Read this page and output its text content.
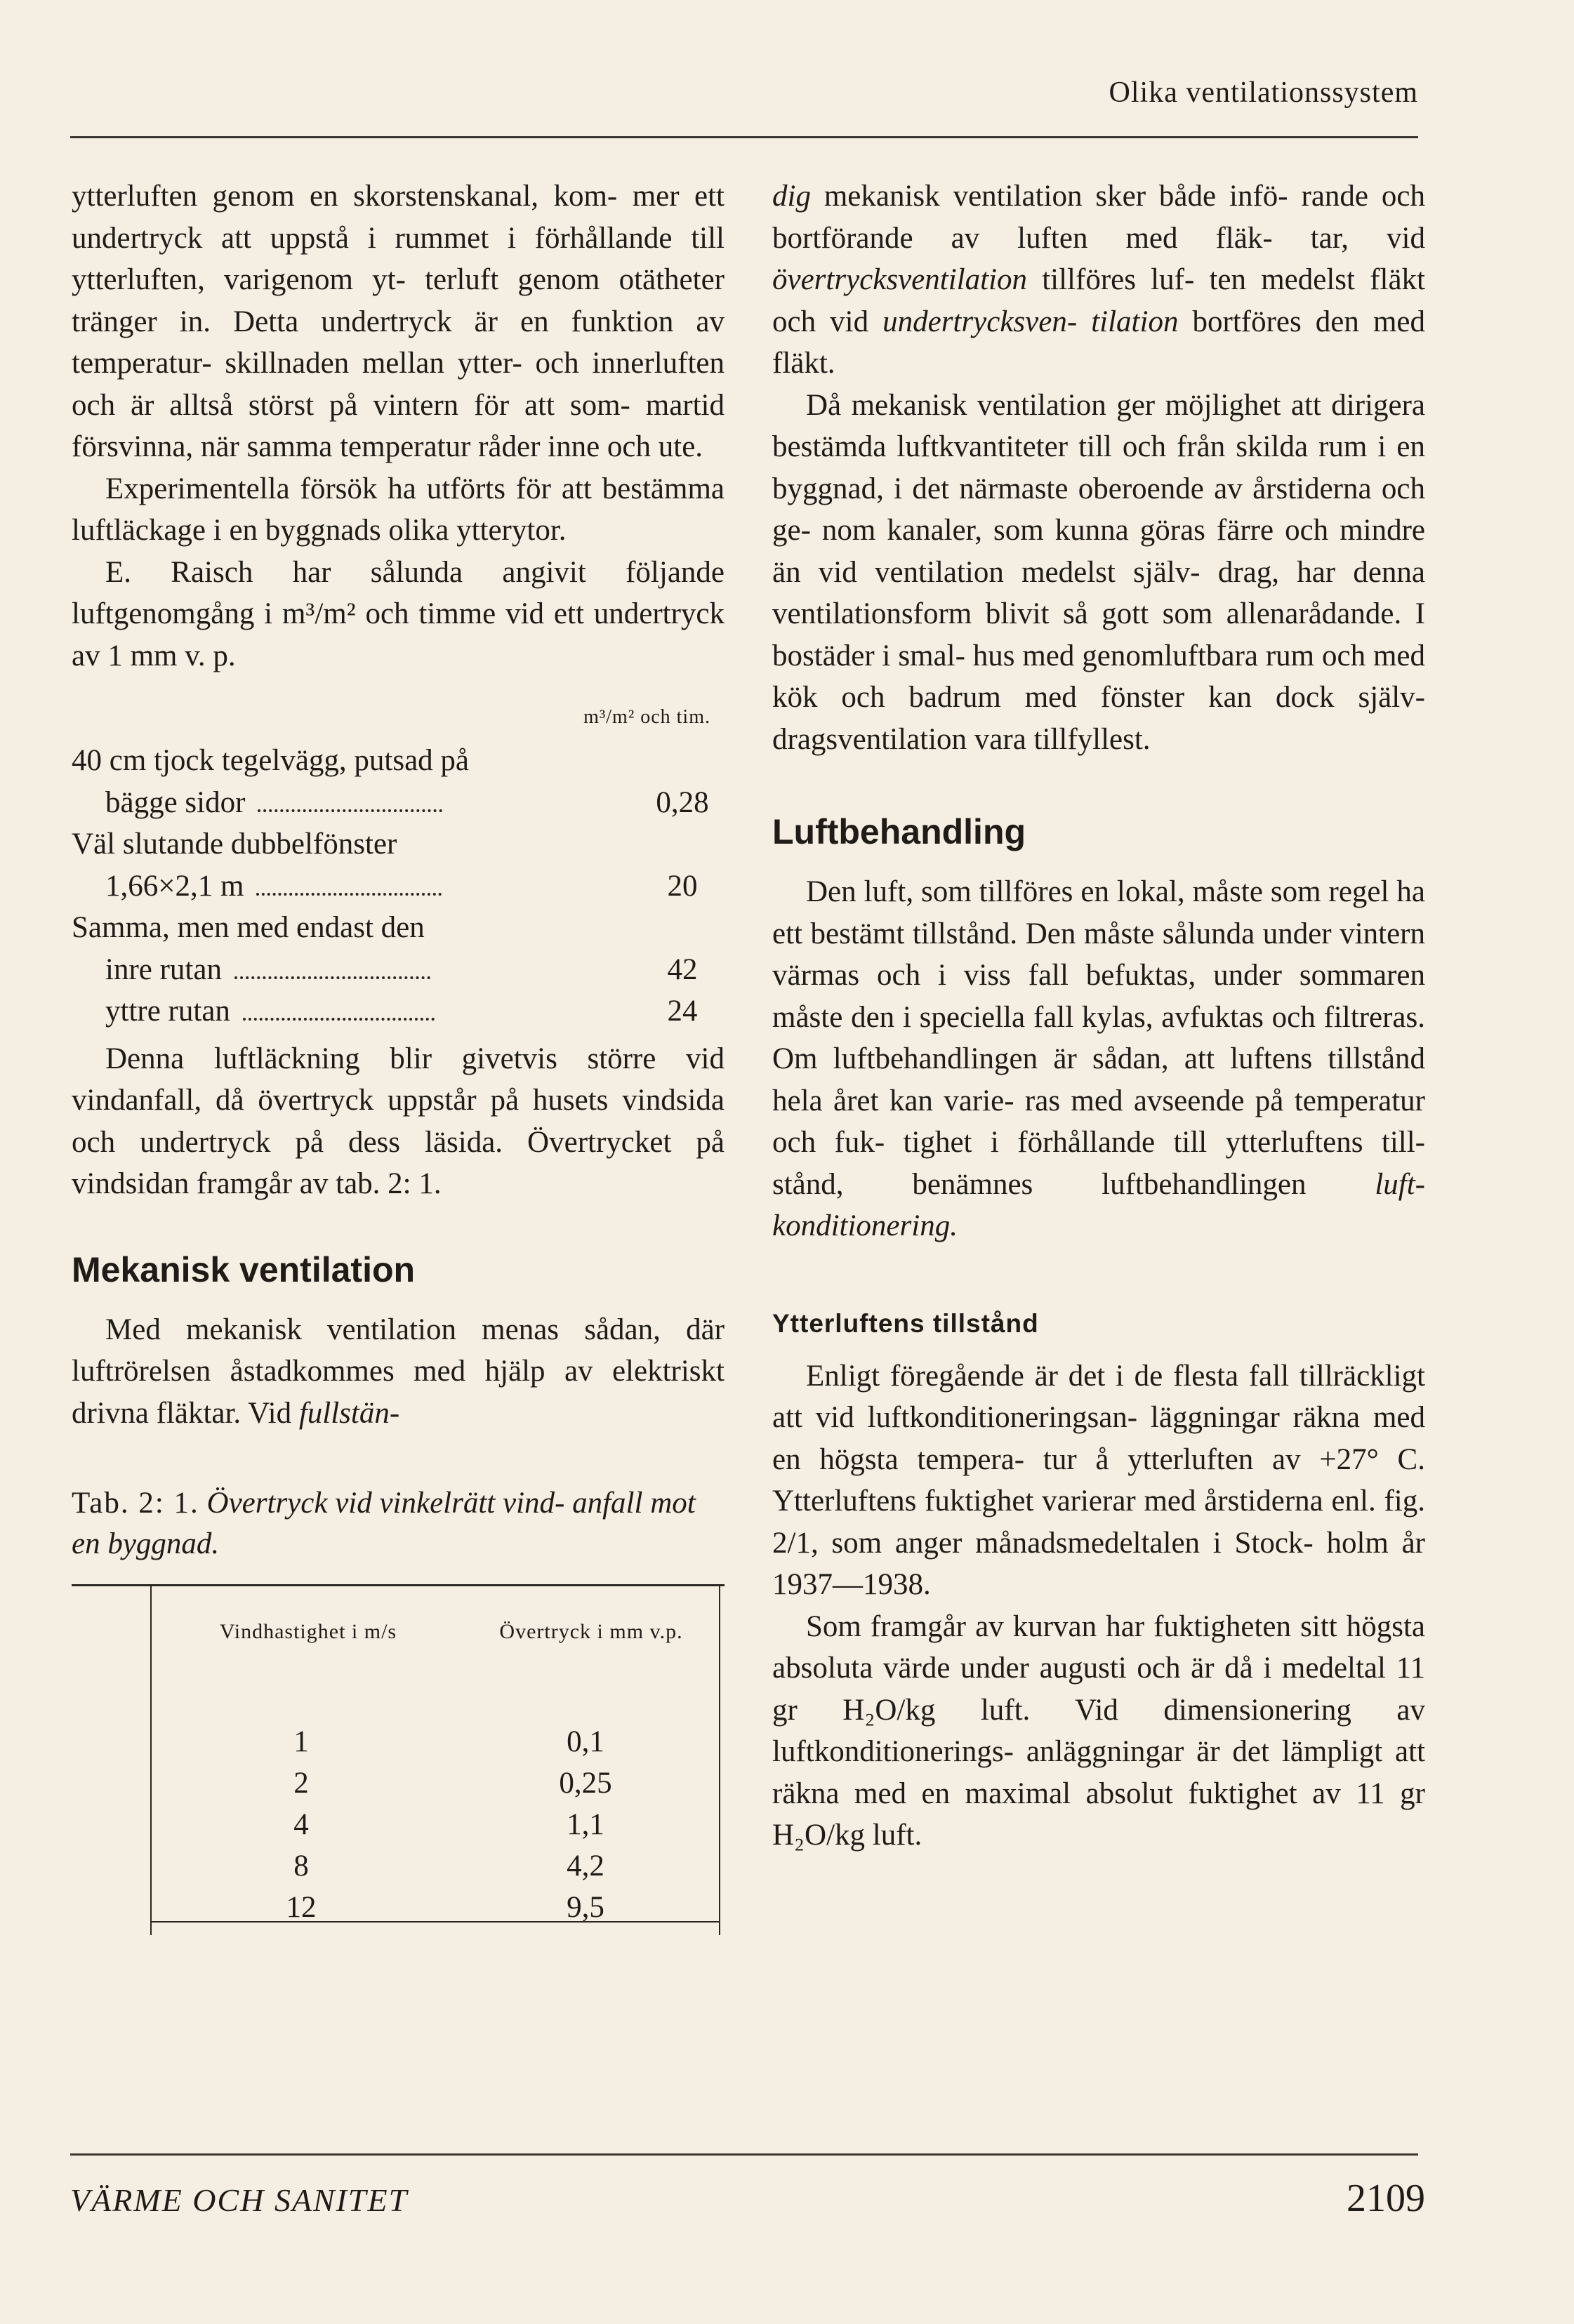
Olika ventilationssystem

ytterluften genom en skorstenskanal, kom- mer ett undertryck att uppstå i rummet i förhållande till ytterluften, varigenom yt- terluft genom otätheter tränger in. Detta undertryck är en funktion av temperatur- skillnaden mellan ytter- och innerluften och är alltså störst på vintern för att som- martid försvinna, när samma temperatur råder inne och ute.

Experimentella försök ha utförts för att bestämma luftläckage i en byggnads olika ytterytor.

E. Raisch har sålunda angivit följande luftgenomgång i m³/m² och timme vid ett undertryck av 1 mm v. p.

m³/m² och tim.
40 cm tjock tegelvägg, putsad på
bägge sidor	0,28
Väl slutande dubbelfönster
1,66×2,1 m	20
Samma, men med endast den
inre rutan	42
yttre rutan	24

Denna luftläckning blir givetvis större vid vindanfall, då övertryck uppstår på husets vindsida och undertryck på dess läsida. Övertrycket på vindsidan framgår av tab. 2: 1.

Mekanisk ventilation

Med mekanisk ventilation menas sådan, där luftrörelsen åstadkommes med hjälp av elektriskt drivna fläktar. Vid fullstän-

Tab. 2: 1. Övertryck vid vinkelrätt vind- anfall mot en byggnad.
Vindhastighet i m/s	Övertryck i mm v.p.
1	0,1
2	0,25
4	1,1
8	4,2
12	9,5

dig mekanisk ventilation sker både infö- rande och bortförande av luften med fläk- tar, vid övertrycksventilation tillföres luf- ten medelst fläkt och vid undertrycksven- tilation bortföres den med fläkt.

Då mekanisk ventilation ger möjlighet att dirigera bestämda luftkvantiteter till och från skilda rum i en byggnad, i det närmaste oberoende av årstiderna och ge- nom kanaler, som kunna göras färre och mindre än vid ventilation medelst själv- drag, har denna ventilationsform blivit så gott som allenarådande. I bostäder i smal- hus med genomluftbara rum och med kök och badrum med fönster kan dock själv- dragsventilation vara tillfyllest.

Luftbehandling

Den luft, som tillföres en lokal, måste som regel ha ett bestämt tillstånd. Den måste sålunda under vintern värmas och i viss fall befuktas, under sommaren måste den i speciella fall kylas, avfuktas och filtreras. Om luftbehandlingen är sådan, att luftens tillstånd hela året kan varie- ras med avseende på temperatur och fuk- tighet i förhållande till ytterluftens till- stånd, benämnes luftbehandlingen luft- konditionering.

Ytterluftens tillstånd

Enligt föregående är det i de flesta fall tillräckligt att vid luftkonditioneringsan- läggningar räkna med en högsta tempera- tur å ytterluften av +27° C. Ytterluftens fuktighet varierar med årstiderna enl. fig. 2/1, som anger månadsmedeltalen i Stock- holm år 1937—1938.

Som framgår av kurvan har fuktigheten sitt högsta absoluta värde under augusti och är då i medeltal 11 gr H₂O/kg luft. Vid dimensionering av luftkonditionerings- anläggningar är det lämpligt att räkna med en maximal absolut fuktighet av 11 gr H₂O/kg luft.

VÄRME OCH SANITET	2109
